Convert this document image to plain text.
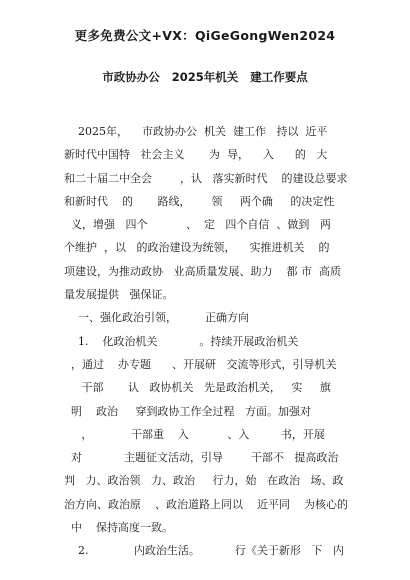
更多免费公文+VX：QiGeGongWen2024
市政协办公   2025年机关   建工作要点
2025年，    市政协办公  机关  建工作   持以  近平
新时代中国特   社会主义       为  导，    入      的   大
和二十届二中全会        ，认   落实新时代    的建设总要求
和新时代    的       路线，      领     两个确     的决定性
义，增强   四个           、  定   四个自信  、做到   两
个维护  ，以   的政治建设为统领，    实推进机关    的
项建设，为推动政协   业高质量发展、助力    都 市  高质
量发展提供   强保证。
一、强化政治引领，        正确方向
1.    化政治机关            。持续开展政治机关
，通过    办专题      、开展研   交流等形式，引导机关
干部       认   政协机关   先是政治机关，   实     旗
明    政治     穿到政协工作全过程   方面。加强对
，           干部重    入           、入         书，开展
对            主题征文活动，引导        干部不   提高政治
判   力、政治领   力、政治     行力，始   在政治   场、政
治方向、政治原    、政治道路上同以    近平同    为核心的
中    保持高度一致。
2.             内政治生活。          行《关于新形   下   内
